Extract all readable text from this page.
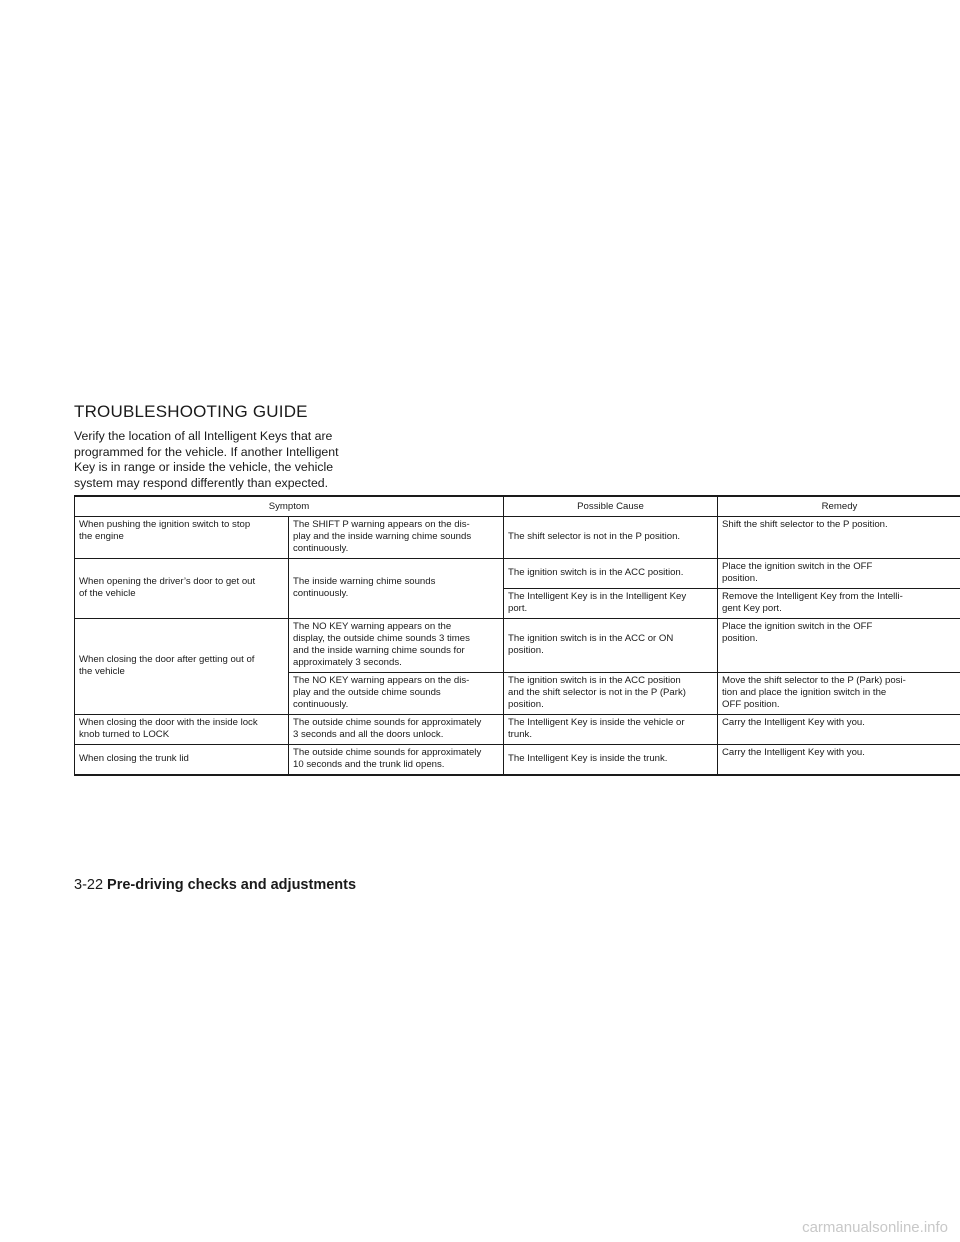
TROUBLESHOOTING GUIDE

Verify the location of all Intelligent Keys that are
programmed for the vehicle. If another Intelligent
Key is in range or inside the vehicle, the vehicle
system may respond differently than expected.

Symptom		Possible Cause	Remedy

When pushing the ignition switch to stop
the engine	The SHIFT P warning appears on the dis-
play and the inside warning chime sounds
continuously.	The shift selector is not in the P position.	Shift the shift selector to the P position.

When opening the driver’s door to get out
of the vehicle	The inside warning chime sounds
continuously.	The ignition switch is in the ACC position.	Place the ignition switch in the OFF
position.

		The Intelligent Key is in the Intelligent Key
port.	Remove the Intelligent Key from the Intelli-
gent Key port.

When closing the door after getting out of
the vehicle	The NO KEY warning appears on the
display, the outside chime sounds 3 times
and the inside warning chime sounds for
approximately 3 seconds.	The ignition switch is in the ACC or ON
position.	Place the ignition switch in the OFF
position.

	The NO KEY warning appears on the dis-
play and the outside chime sounds
continuously.	The ignition switch is in the ACC position
and the shift selector is not in the P (Park)
position.	Move the shift selector to the P (Park) posi-
tion and place the ignition switch in the
OFF position.

When closing the door with the inside lock
knob turned to LOCK	The outside chime sounds for approximately
3 seconds and all the doors unlock.	The Intelligent Key is inside the vehicle or
trunk.	Carry the Intelligent Key with you.

When closing the trunk lid	The outside chime sounds for approximately
10 seconds and the trunk lid opens.	The Intelligent Key is inside the trunk.	Carry the Intelligent Key with you.
3-22 Pre-driving checks and adjustments
carmanualsonline.info
